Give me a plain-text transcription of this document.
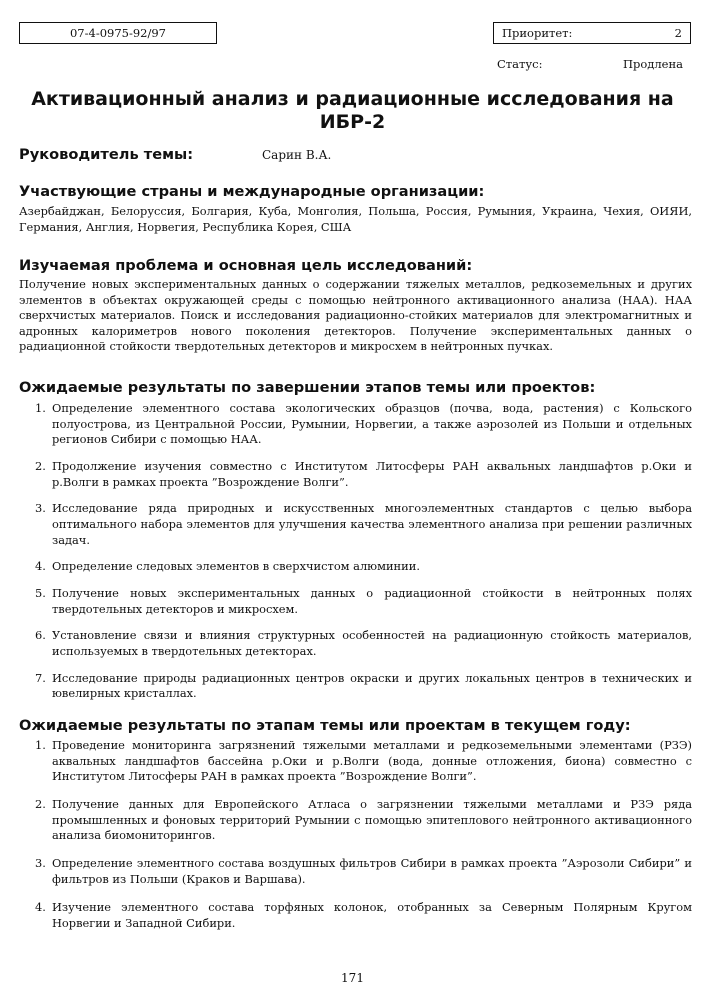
07-4-0975-92/97	Приоритет:	2
Статус:	Продлена
Активационный анализ и радиационные исследования на ИБР-2
Руководитель темы:	Сарин В.А.
Участвующие страны и международные организации:

Азербайджан, Белоруссия, Болгария, Куба, Монголия, Польша, Россия, Румыния, Украина, Чехия, ОИЯИ, Германия, Англия, Норвегия, Республика Корея, США

Изучаемая проблема и основная цель исследований:

Получение новых экспериментальных данных о содержании тяжелых металлов, редкоземельных и других элементов в объектах окружающей среды с помощью нейтронного активационного анализа (НАА). НАА сверхчистых материалов. Поиск и исследования радиационно-стойких материалов для электромагнитных и адронных калориметров нового поколения детекторов. Получение экспериментальных данных о радиационной стойкости твердотельных детекторов и микросхем в нейтронных пучках.

Ожидаемые результаты по завершении этапов темы или проектов:
1. Определение элементного состава экологических образцов (почва, вода, растения) с Кольского полуострова, из Центральной России, Румынии, Норвегии, а также аэрозолей из Польши и отдельных регионов Сибири с помощью НАА.
2. Продолжение изучения совместно с Институтом Литосферы РАН аквальных ландшафтов р.Оки и р.Волги в рамках проекта ”Возрождение Волги”.
3. Исследование ряда природных и искусственных многоэлементных стандартов с целью выбора оптимального набора элементов для улучшения качества элементного анализа при решении различных задач.
4. Определение следовых элементов в сверхчистом алюминии.
5. Получение новых экспериментальных данных о радиационной стойкости в нейтронных полях твердотельных детекторов и микросхем.
6. Установление связи и влияния структурных особенностей на радиационную стойкость материалов, используемых в твердотельных детекторах.
7. Исследование природы радиационных центров окраски и других локальных центров в технических и ювелирных кристаллах.
Ожидаемые результаты по этапам темы или проектам в текущем году:
1. Проведение мониторинга загрязнений тяжелыми металлами и редкоземельными элементами (РЗЭ) аквальных ландшафтов бассейна р.Оки и р.Волги (вода, донные отложения, биона) совместно с Институтом Литосферы РАН в рамках проекта ”Возрождение Волги”.
2. Получение данных для Европейского Атласа о загрязнении тяжелыми металлами и РЗЭ ряда промышленных и фоновых территорий Румынии с помощью эпитеплового нейтронного активационного анализа биомониторингов.
3. Определение элементного состава воздушных фильтров Сибири в рамках проекта ”Аэрозоли Сибири” и фильтров из Польши (Краков и Варшава).
4. Изучение элементного состава торфяных колонок, отобранных за Северным Полярным Кругом Норвегии и Западной Сибири.
171
